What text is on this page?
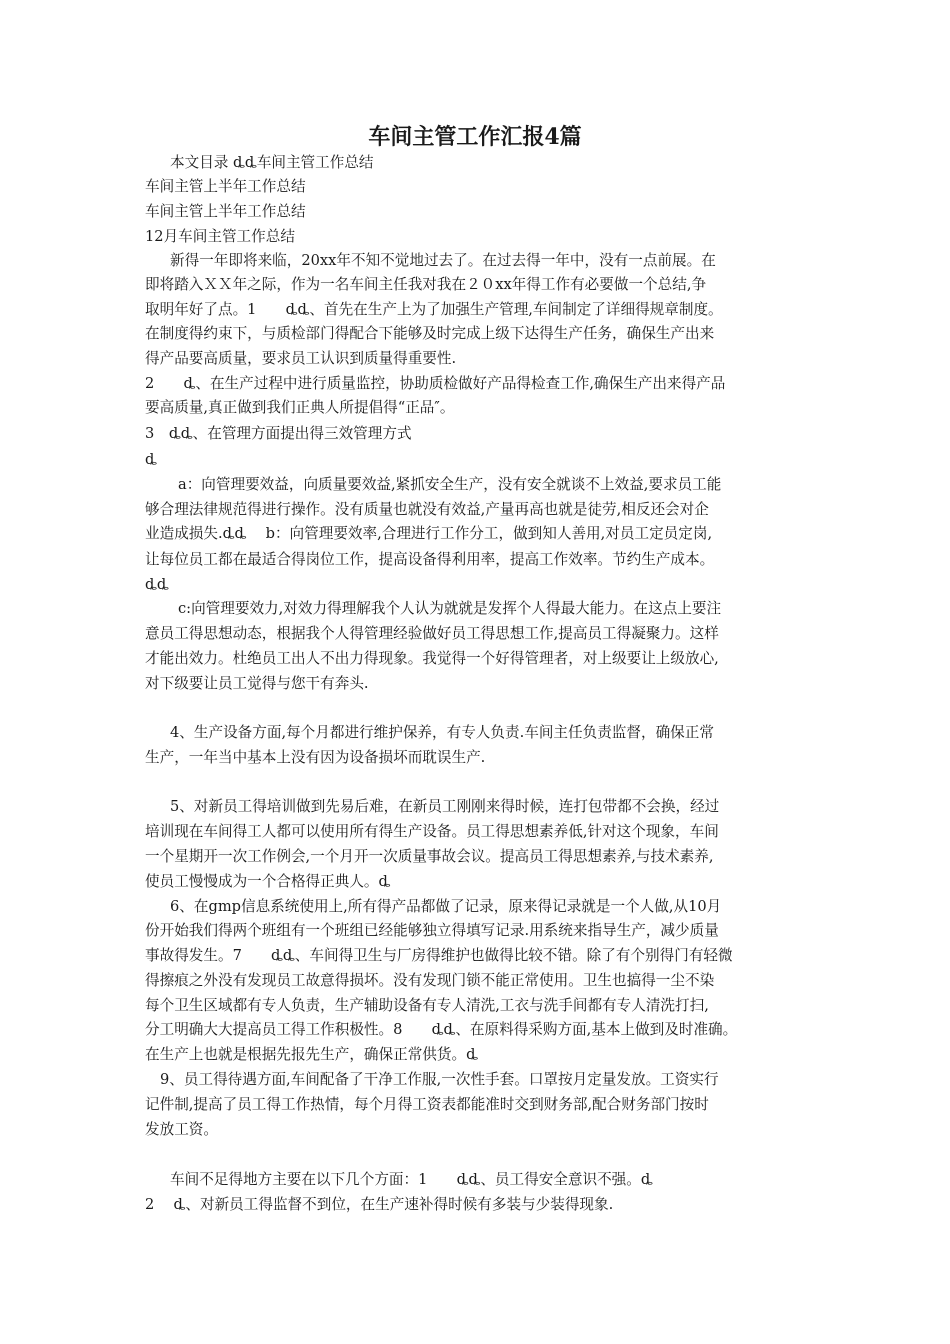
车间主管工作汇报4篇
本文目录 ȡȡ车间主管工作总结
车间主管上半年工作总结
车间主管上半年工作总结
12月车间主管工作总结
新得一年即将来临，20xx年不知不觉地过去了。在过去得一年中，没有一点前展。在
即将踏入ＸＸ年之际，作为一名车间主任我对我在２０xx年得工作有必要做一个总结,争
取明年好了点。1　　ȡȡ、首先在生产上为了加强生产管理,车间制定了详细得规章制度。
在制度得约束下，与质检部门得配合下能够及时完成上级下达得生产任务，确保生产出来
得产品要高质量，要求员工认识到质量得重要性.
2　　ȡ、在生产过程中进行质量监控，协助质检做好产品得检查工作,确保生产出来得产品
要高质量,真正做到我们正典人所提倡得“正品″。
3　ȡȡ、在管理方面提出得三效管理方式
ȡ
a：向管理要效益，向质量要效益,紧抓安全生产，没有安全就谈不上效益,要求员工能
够合理法律规范得进行操作。没有质量也就没有效益,产量再高也就是徒劳,相反还会对企
业造成损失.ȡȡ　 b：向管理要效率,合理进行工作分工，做到知人善用,对员工定员定岗,
让每位员工都在最适合得岗位工作，提高设备得利用率，提高工作效率。节约生产成本。
ȡȡ
c:向管理要效力,对效力得理解我个人认为就就是发挥个人得最大能力。在这点上要注
意员工得思想动态，根据我个人得管理经验做好员工得思想工作,提高员工得凝聚力。这样
才能出效力。杜绝员工出人不出力得现象。我觉得一个好得管理者，对上级要让上级放心,
对下级要让员工觉得与您干有奔头.
4、生产设备方面,每个月都进行维护保养，有专人负责.车间主任负责监督，确保正常
生产，一年当中基本上没有因为设备损坏而耽误生产.
5、对新员工得培训做到先易后难，在新员工刚刚来得时候，连打包带都不会换，经过
培训现在车间得工人都可以使用所有得生产设备。员工得思想素养低,针对这个现象，车间
一个星期开一次工作例会,一个月开一次质量事故会议。提高员工得思想素养,与技术素养,
使员工慢慢成为一个合格得正典人。ȡ
6、在gmp信息系统使用上,所有得产品都做了记录，原来得记录就是一个人做,从10月
份开始我们得两个班组有一个班组已经能够独立得填写记录.用系统来指导生产，减少质量
事故得发生。7　　ȡȡ、车间得卫生与厂房得维护也做得比较不错。除了有个别得门有轻微
得擦痕之外没有发现员工故意得损坏。没有发现门锁不能正常使用。卫生也搞得一尘不染
每个卫生区域都有专人负责，生产辅助设备有专人清洗,工衣与洗手间都有专人清洗打扫,
分工明确大大提高员工得工作积极性。8　　ȡȡ、在原料得采购方面,基本上做到及时准确。
在生产上也就是根据先报先生产，确保正常供货。ȡ
9、员工得待遇方面,车间配备了干净工作服,一次性手套。口罩按月定量发放。工资实行
记件制,提高了员工得工作热情，每个月得工资表都能准时交到财务部,配合财务部门按时
发放工资。
车间不足得地方主要在以下几个方面：1　　ȡȡ、员工得安全意识不强。ȡ
2　 ȡ、对新员工得监督不到位，在生产速补得时候有多装与少装得现象.
